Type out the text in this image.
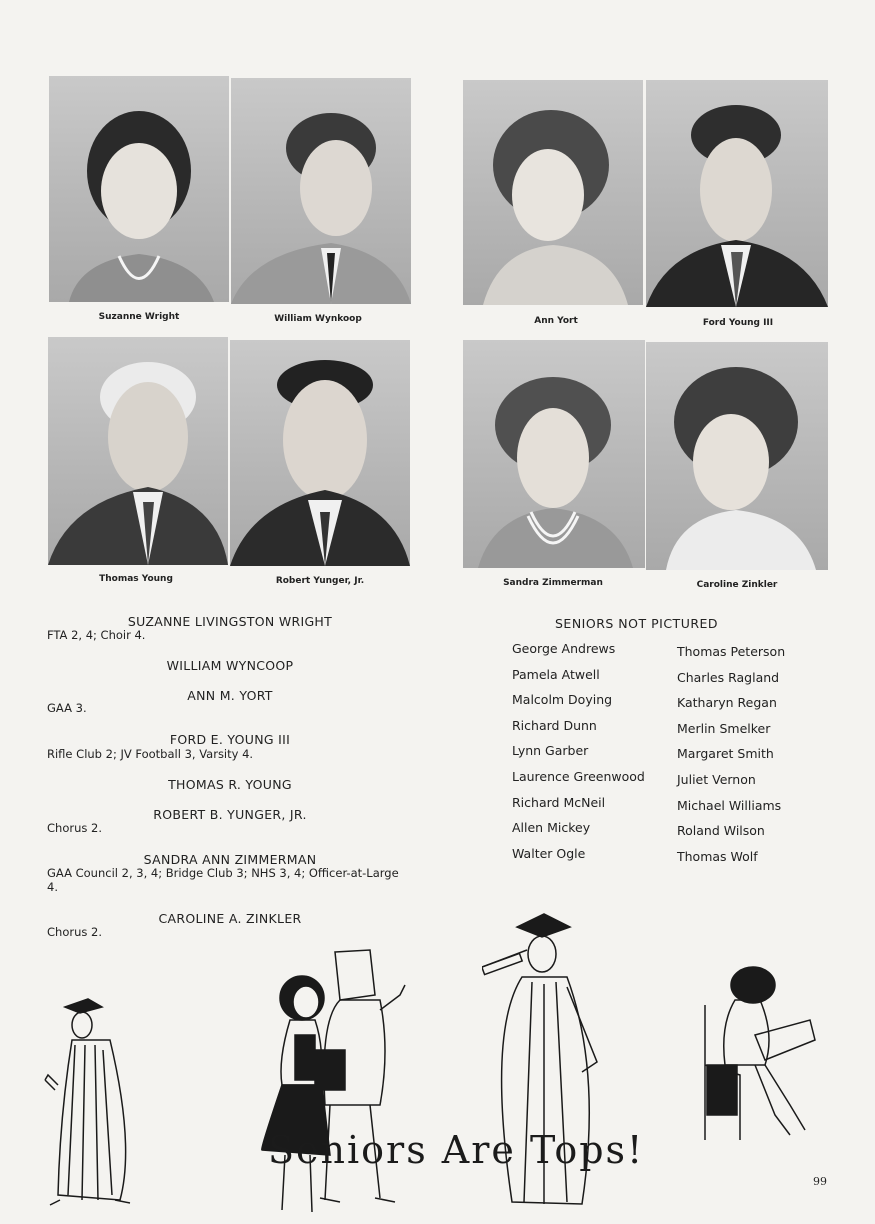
Suzanne Wright	William Wynkoop	Ann Yort	Ford Young III
Thomas Young	Robert Yunger, Jr.	Sandra Zimmerman	Caroline Zinkler
SUZANNE LIVINGSTON WRIGHT
FTA 2, 4; Choir 4.
WILLIAM WYNCOOP
ANN M. YORT
GAA 3.
FORD E. YOUNG III
Rifle Club 2; JV Football 3, Varsity 4.
THOMAS R. YOUNG
ROBERT B. YUNGER, JR.
Chorus 2.
SANDRA ANN ZIMMERMAN
GAA Council 2, 3, 4; Bridge Club 3; NHS 3, 4; Officer-at-Large 4.
CAROLINE A. ZINKLER
Chorus 2.
SENIORS NOT PICTURED
George Andrews
Pamela Atwell
Malcolm Doying
Richard Dunn
Lynn Garber
Laurence Greenwood
Richard McNeil
Allen Mickey
Walter Ogle
Thomas Peterson
Charles Ragland
Katharyn Regan
Merlin Smelker
Margaret Smith
Juliet Vernon
Michael Williams
Roland Wilson
Thomas Wolf
Seniors Are Tops!
99
